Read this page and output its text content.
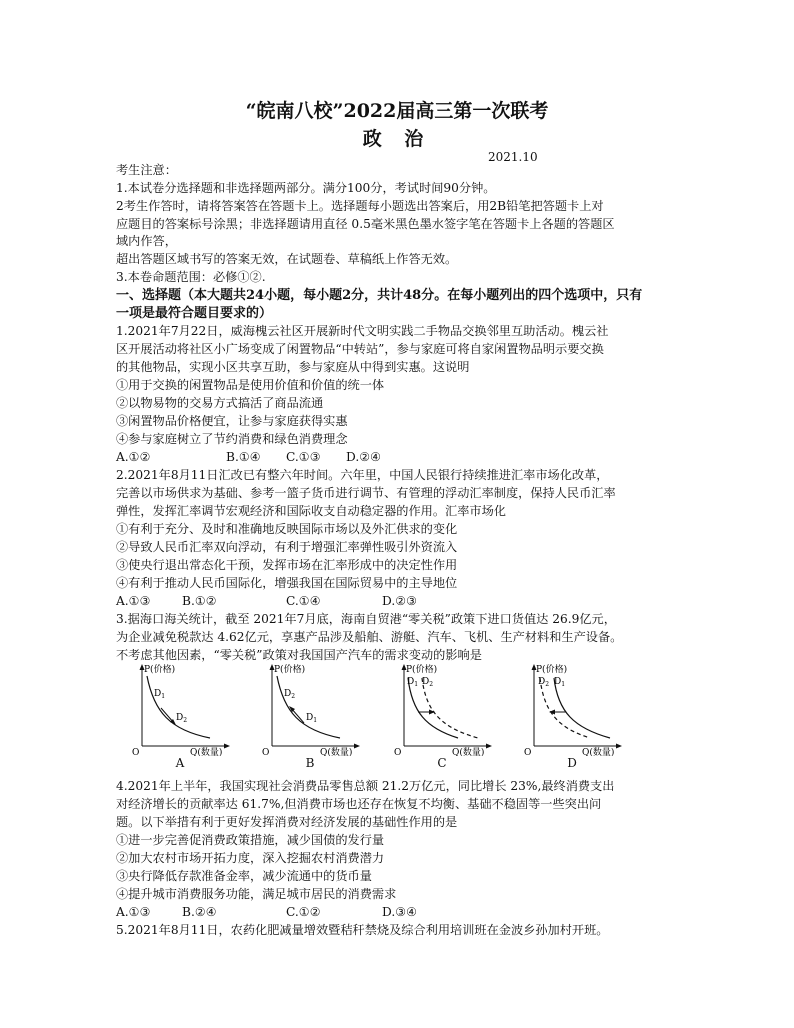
“皖南八校”2022届高三第一次联考
政 治
2021.10
考生注意：
1.本试卷分选择题和非选择题两部分。满分100分，考试时间90分钟。
2考生作答时，请将答案答在答题卡上。选择题每小题选出答案后，用2B铅笔把答题卡上对
应题目的答案标号涂黑；非选择题请用直径 0.5毫米黑色墨水签字笔在答题卡上各题的答题区
域内作答，
超出答题区域书写的答案无效，在试题卷、草稿纸上作答无效。
3.本卷命题范围：必修①②.
一、选择题（本大题共24小题，每小题2分，共计48分。在每小题列出的四个选项中，只有
一项是最符合题目要求的）
1.2021年7月22日，威海槐云社区开展新时代文明实践二手物品交换邻里互助活动。槐云社
区开展活动将社区小广场变成了闲置物品“中转站”，参与家庭可将自家闲置物品明示要交换
的其他物品，实现小区共享互助，参与家庭从中得到实惠。这说明
①用于交换的闲置物品是使用价值和价值的统一体
②以物易物的交易方式搞活了商品流通
③闲置物品价格便宜，让参与家庭获得实惠
④参与家庭树立了节约消费和绿色消费理念
A.①②	B.①④ C.①③ D.②④
2.2021年8月11日汇改已有整六年时间。六年里，中国人民银行持续推进汇率市场化改革，
完善以市场供求为基础、参考一篮子货币进行调节、有管理的浮动汇率制度，保持人民币汇率
弹性，发挥汇率调节宏观经济和国际收支自动稳定器的作用。汇率市场化
①有利于充分、及时和准确地反映国际市场以及外汇供求的变化
②导致人民币汇率双向浮动，有利于增强汇率弹性吸引外资流入
③使央行退出常态化干预，发挥市场在汇率形成中的决定性作用
④有利于推动人民币国际化，增强我国在国际贸易中的主导地位
A.①③	B.①②	C.①④	D.②③
3.据海口海关统计，截至 2021年7月底，海南自贸港“零关税”政策下进口货值达 26.9亿元，
为企业减免税款达 4.62亿元，享惠产品涉及船舶、游艇、汽车、飞机、生产材料和生产设备。
不考虑其他因素，“零关税”政策对我国国产汽车的需求变动的影响是
P(价格)
Q(数量)
O
$D_1$
$D_2$
A
P(价格)
Q(数量)
O
$D_2$
$D_1$
B
P(价格)
Q(数量)
O
$D_1$ $D_2$
C
P(价格)
Q(数量)
O
$D_2$ $D_1$
D
4.2021年上半年，我国实现社会消费品零售总额 21.2万亿元，同比增长 23%,最终消费支出
对经济增长的贡献率达 61.7%,但消费市场也还存在恢复不均衡、基础不稳固等一些突出问
题。以下举措有利于更好发挥消费对经济发展的基础性作用的是
①进一步完善促消费政策措施，减少国债的发行量
②加大农村市场开拓力度，深入挖掘农村消费潜力
③央行降低存款准备金率，减少流通中的货币量
④提升城市消费服务功能，满足城市居民的消费需求
A.①③	B.②④	C.①②	D.③④
5.2021年8月11日，农药化肥减量增效暨秸秆禁烧及综合利用培训班在金波乡孙加村开班。
